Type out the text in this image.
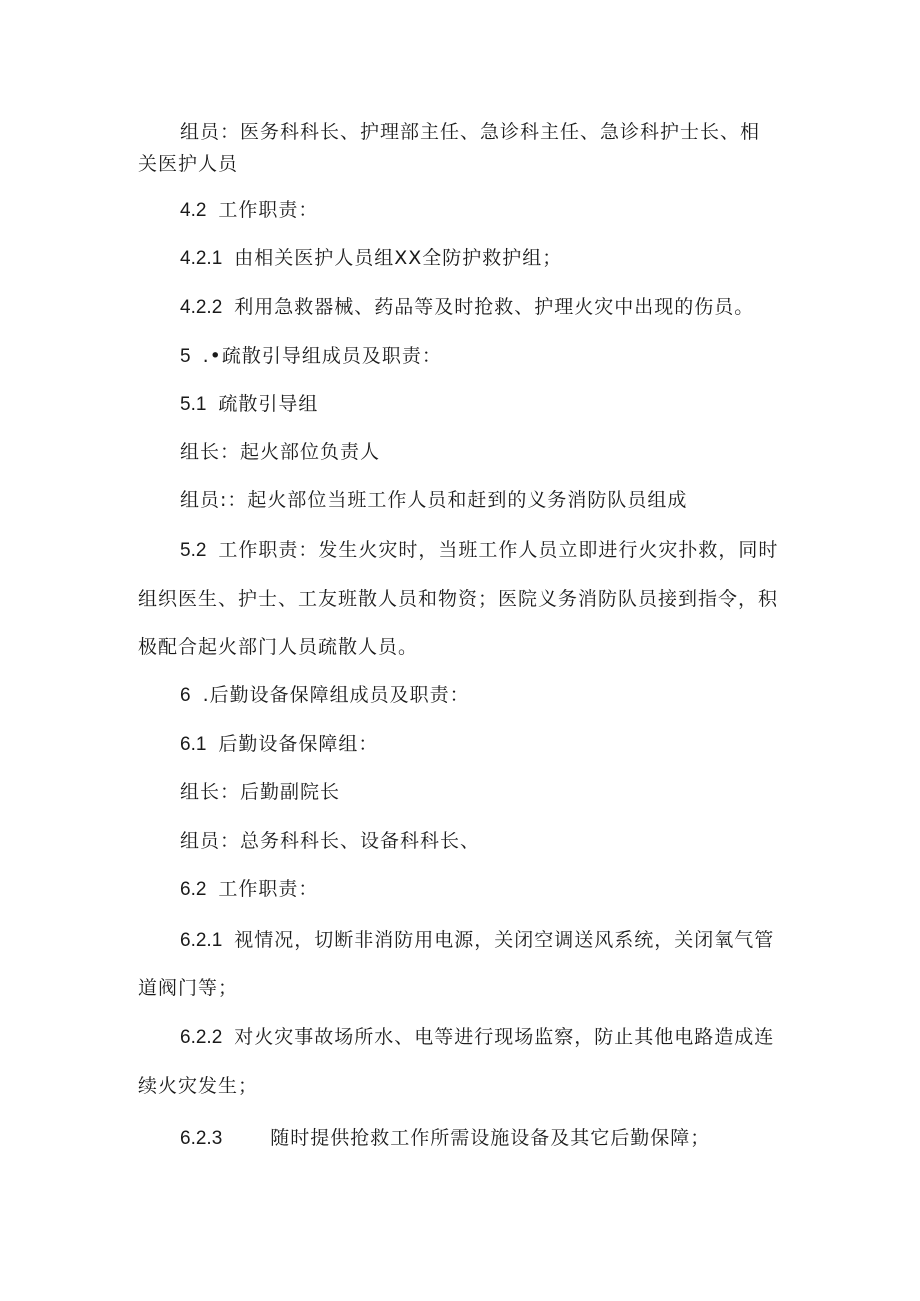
组员：医务科科长、护理部主任、急诊科主任、急诊科护士长、相
关医护人员
4.2 工作职责：
4.2.1 由相关医护人员组XX全防护救护组；
4.2.2 利用急救器械、药品等及时抢救、护理火灾中出现的伤员。
5 .•疏散引导组成员及职责：
5.1 疏散引导组
组长：起火部位负责人
组员:：起火部位当班工作人员和赶到的义务消防队员组成
5.2 工作职责：发生火灾时，当班工作人员立即进行火灾扑救，同时
组织医生、护士、工友班散人员和物资；医院义务消防队员接到指令，积
极配合起火部门人员疏散人员。
6 .后勤设备保障组成员及职责：
6.1 后勤设备保障组：
组长：后勤副院长
组员：总务科科长、设备科科长、
6.2 工作职责：
6.2.1 视情况，切断非消防用电源，关闭空调送风系统，关闭氧气管
道阀门等；
6.2.2 对火灾事故场所水、电等进行现场监察，防止其他电路造成连
续火灾发生；
6.2.3	随时提供抢救工作所需设施设备及其它后勤保障；
